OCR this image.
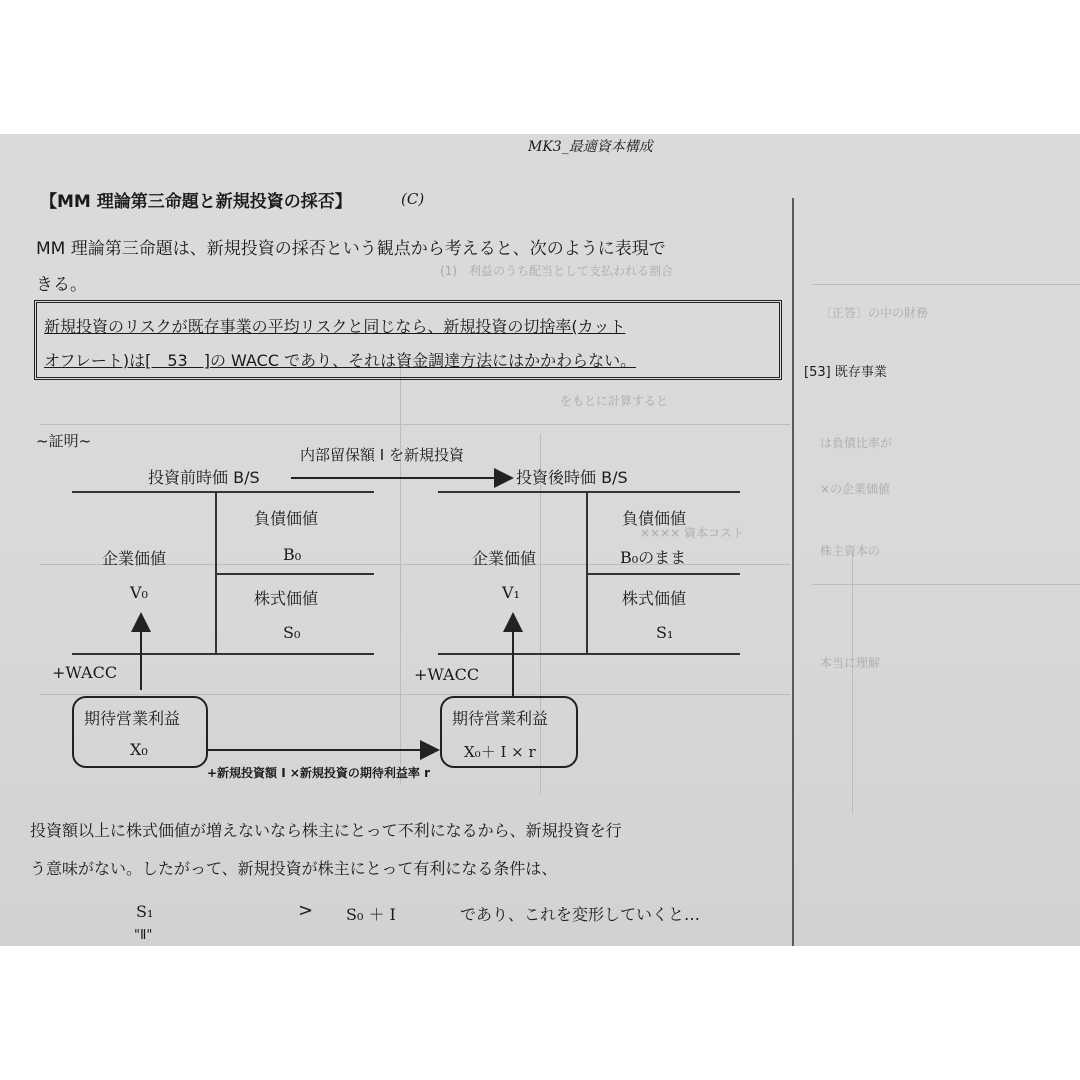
(1)　利益のうち配当として支払われる割合
をもとに計算すると
×××× 資本コスト
〔正答〕の中の財務
は負債比率が
×の企業価値
株主資本の
本当に理解
MK3_最適資本構成
[53] 既存事業
【MM 理論第三命題と新規投資の採否】	(C)
MM 理論第三命題は、新規投資の採否という観点から考えると、次のように表現で
きる。
新規投資のリスクが既存事業の平均リスクと同じなら、新規投資の切捨率(カット
オフレート)は[　53　]の WACC であり、それは資金調達方法にはかかわらない。
~証明~
内部留保額 I を新規投資
投資前時価 B/S	投資後時価 B/S
企業価値
V₀
負債価値
B₀
株式価値
S₀
+WACC
企業価値
V₁
負債価値
B₀のまま
株式価値
S₁
+WACC
期待営業利益
X₀
期待営業利益
X₀＋ I × r
+新規投資額 I ×新規投資の期待利益率 r
投資額以上に株式価値が増えないなら株主にとって不利になるから、新規投資を行
う意味がない。したがって、新規投資が株主にとって有利になる条件は、
S₁	> S₀ ＋ I	であり、これを変形していくと…
"Ⅱ"
